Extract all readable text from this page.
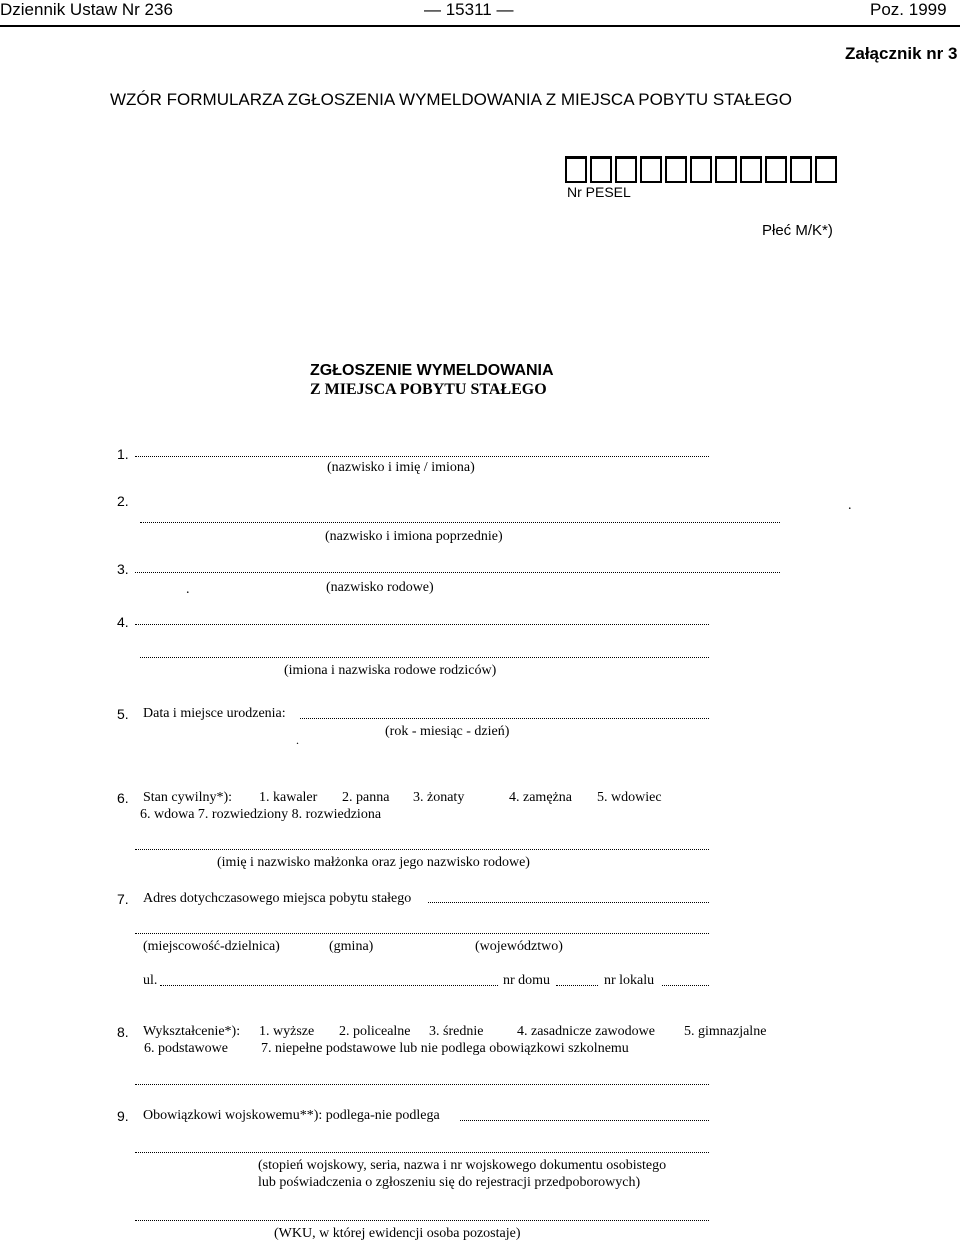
Dziennik Ustaw Nr 236	— 15311 —	Poz. 1999
Załącznik nr 3
WZÓR FORMULARZA ZGŁOSZENIA WYMELDOWANIA Z MIEJSCA POBYTU STAŁEGO
Nr PESEL
Płeć M/K*)
ZGŁOSZENIE WYMELDOWANIA
Z MIEJSCA POBYTU STAŁEGO
1.
(nazwisko i imię / imiona)
2.	.
(nazwisko i imiona poprzednie)
3.
.	(nazwisko rodowe)
4.
(imiona i nazwiska rodowe rodziców)
5. Data i miejsce urodzenia:
(rok - miesiąc - dzień)
.
6. Stan cywilny*): 1. kawaler 2. panna 3. żonaty	4. zamężna 5. wdowiec
6. wdowa 7. rozwiedziony 8. rozwiedziona
(imię i nazwisko małżonka oraz jego nazwisko rodowe)
7. Adres dotychczasowego miejsca pobytu stałego
(miejscowość-dzielnica)	(gmina)	(województwo)
ul.	nr domu	nr lokalu
8. Wykształcenie*): 1. wyższe 2. policealne 3. średnie 4. zasadnicze zawodowe 5. gimnazjalne
6. podstawowe 7. niepełne podstawowe lub nie podlega obowiązkowi szkolnemu
9. Obowiązkowi wojskowemu**): podlega-nie podlega
(stopień wojskowy, seria, nazwa i nr wojskowego dokumentu osobistego
lub poświadczenia o zgłoszeniu się do rejestracji przedpoborowych)
(WKU, w której ewidencji osoba pozostaje)
